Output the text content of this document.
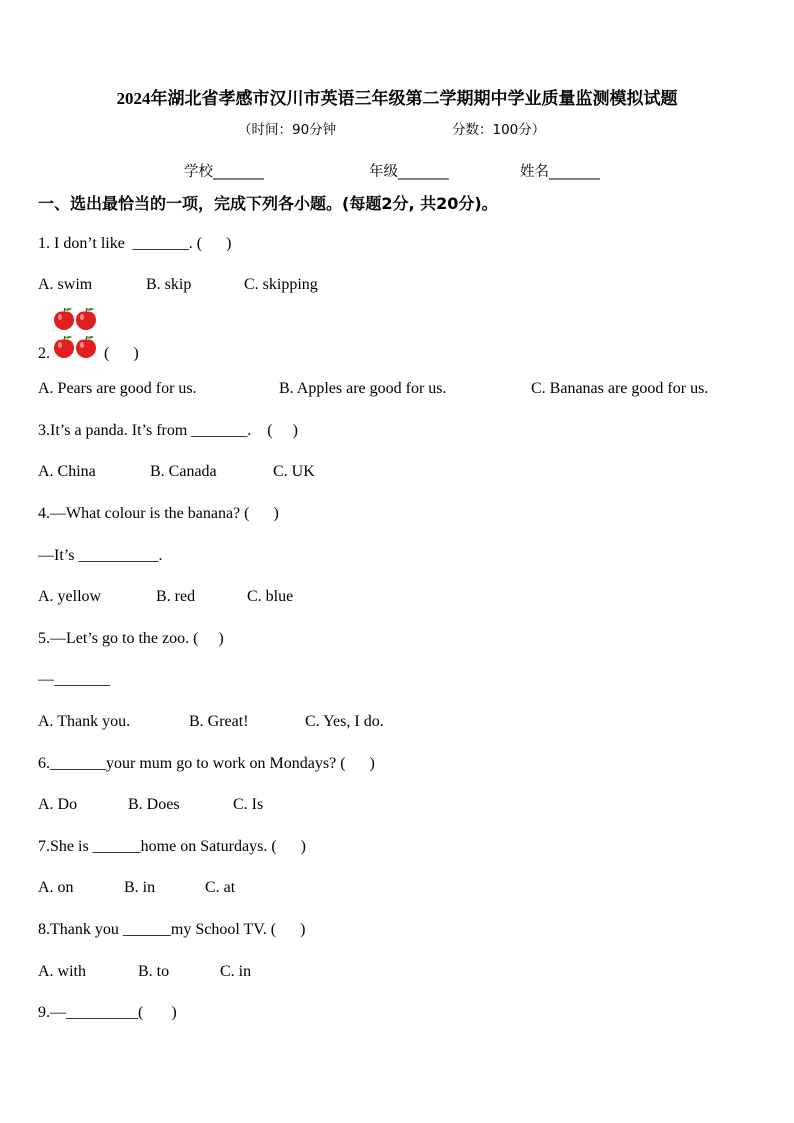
2024年湖北省孝感市汉川市英语三年级第二学期期中学业质量监测模拟试题
（时间：90分钟	分数：100分）
学校_______	年级_______	姓名_______
一、选出最恰当的一项，完成下列各小题。(每题2分, 共20分)。
1. I don’t like  _______. (      )
A. swim	B. skip	C. skipping
2.	(      )
A. Pears are good for us.	B. Apples are good for us.	C. Bananas are good for us.
3.It’s a panda. It’s from _______.    (     )
A. China	B. Canada	C. UK
4.—What colour is the banana? (      )
—It’s __________.
A. yellow	B. red	C. blue
5.—Let’s go to the zoo. (     )
—_______
A. Thank you.	B. Great!	C. Yes, I do.
6._______your mum go to work on Mondays? (      )
A. Do	B. Does	C. Is
7.She is ______home on Saturdays. (      )
A. on	B. in	C. at
8.Thank you ______my School TV. (      )
A. with	B. to	C. in
9.—_________(       )
